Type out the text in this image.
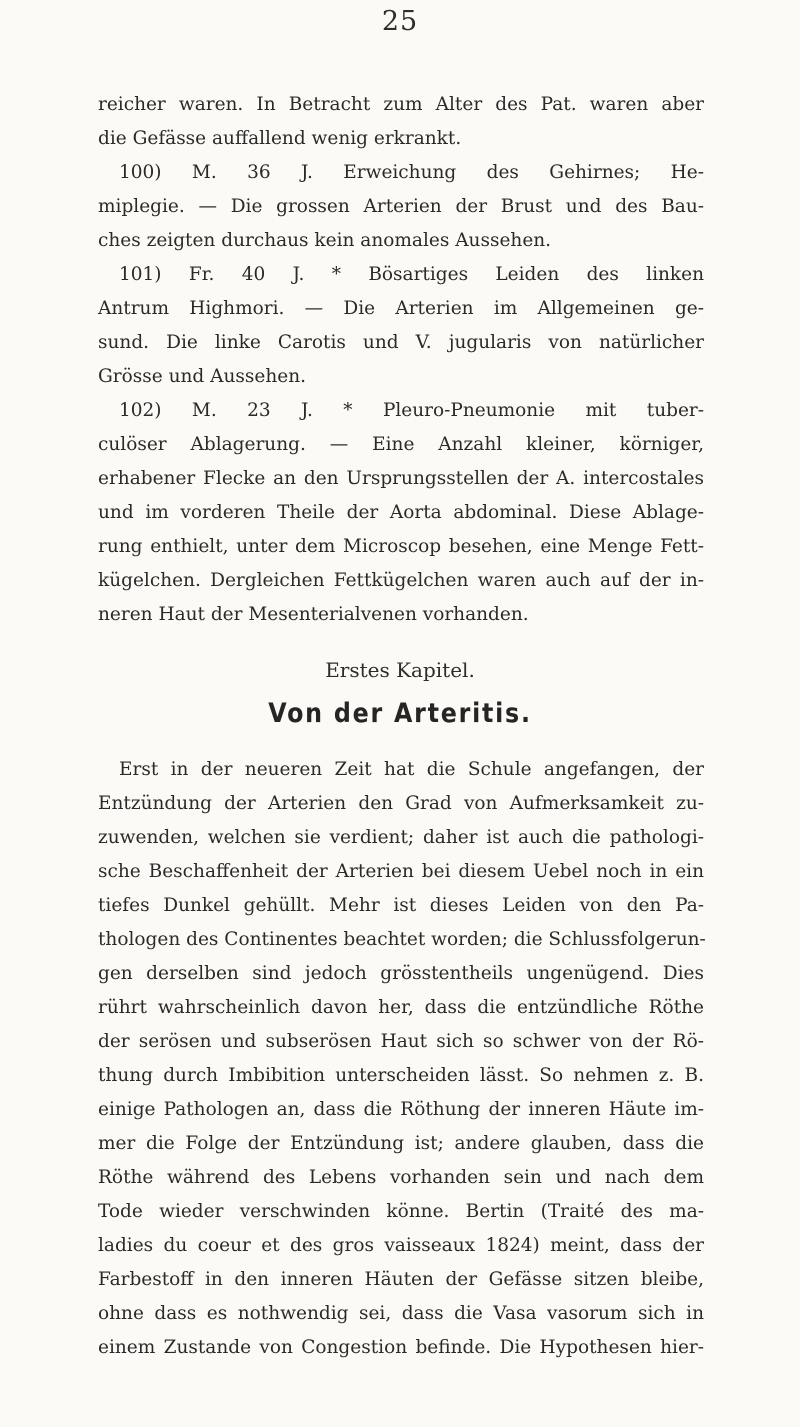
25
reicher waren. In Betracht zum Alter des Pat. waren aber
die Gefässe auffallend wenig erkrankt.
100) M. 36 J. Erweichung des Gehirnes; He-
miplegie. — Die grossen Arterien der Brust und des Bau-
ches zeigten durchaus kein anomales Aussehen.
101) Fr. 40 J. * Bösartiges Leiden des linken
Antrum Highmori. — Die Arterien im Allgemeinen ge-
sund. Die linke Carotis und V. jugularis von natürlicher
Grösse und Aussehen.
102) M. 23 J. * Pleuro-Pneumonie mit tuber-
culöser Ablagerung. — Eine Anzahl kleiner, körniger,
erhabener Flecke an den Ursprungsstellen der A. intercostales
und im vorderen Theile der Aorta abdominal. Diese Ablage-
rung enthielt, unter dem Microscop besehen, eine Menge Fett-
kügelchen. Dergleichen Fettkügelchen waren auch auf der in-
neren Haut der Mesenterialvenen vorhanden.
Erstes Kapitel.
Von der Arteritis.
Erst in der neueren Zeit hat die Schule angefangen, der
Entzündung der Arterien den Grad von Aufmerksamkeit zu-
zuwenden, welchen sie verdient; daher ist auch die pathologi-
sche Beschaffenheit der Arterien bei diesem Uebel noch in ein
tiefes Dunkel gehüllt. Mehr ist dieses Leiden von den Pa-
thologen des Continentes beachtet worden; die Schlussfolgerun-
gen derselben sind jedoch grösstentheils ungenügend. Dies
rührt wahrscheinlich davon her, dass die entzündliche Röthe
der serösen und subserösen Haut sich so schwer von der Rö-
thung durch Imbibition unterscheiden lässt. So nehmen z. B.
einige Pathologen an, dass die Röthung der inneren Häute im-
mer die Folge der Entzündung ist; andere glauben, dass die
Röthe während des Lebens vorhanden sein und nach dem
Tode wieder verschwinden könne. Bertin (Traité des ma-
ladies du coeur et des gros vaisseaux 1824) meint, dass der
Farbestoff in den inneren Häuten der Gefässe sitzen bleibe,
ohne dass es nothwendig sei, dass die Vasa vasorum sich in
einem Zustande von Congestion befinde. Die Hypothesen hier-
